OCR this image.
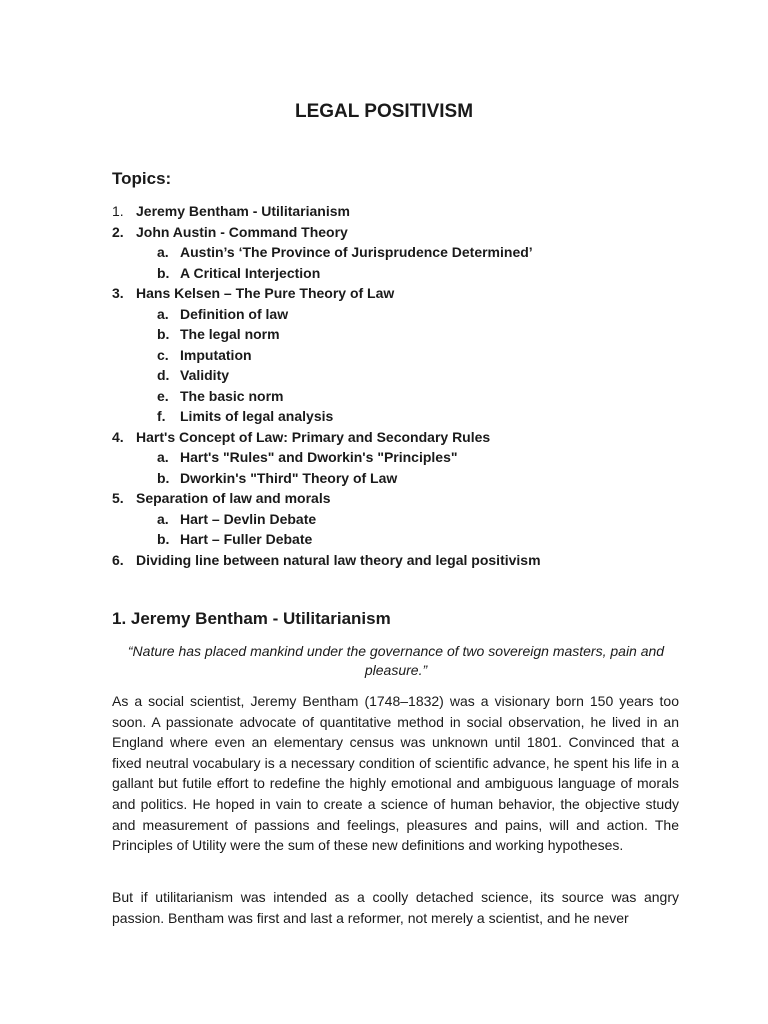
LEGAL POSITIVISM
Topics:
1. Jeremy Bentham - Utilitarianism
2. John Austin - Command Theory
a. Austin’s ‘The Province of Jurisprudence Determined’
b. A Critical Interjection
3. Hans Kelsen – The Pure Theory of Law
a. Definition of law
b. The legal norm
c. Imputation
d. Validity
e. The basic norm
f. Limits of legal analysis
4. Hart's Concept of Law: Primary and Secondary Rules
a. Hart's "Rules" and Dworkin's "Principles"
b. Dworkin's "Third" Theory of Law
5. Separation of law and morals
a. Hart – Devlin Debate
b. Hart – Fuller Debate
6. Dividing line between natural law theory and legal positivism
1. Jeremy Bentham - Utilitarianism
“Nature has placed mankind under the governance of two sovereign masters, pain and pleasure.”

As a social scientist, Jeremy Bentham (1748–1832) was a visionary born 150 years too soon. A passionate advocate of quantitative method in social observation, he lived in an England where even an elementary census was unknown until 1801. Convinced that a fixed neutral vocabulary is a necessary condition of scientific advance, he spent his life in a gallant but futile effort to redefine the highly emotional and ambiguous language of morals and politics. He hoped in vain to create a science of human behavior, the objective study and measurement of passions and feelings, pleasures and pains, will and action. The Principles of Utility were the sum of these new definitions and working hypotheses.

But if utilitarianism was intended as a coolly detached science, its source was angry passion. Bentham was first and last a reformer, not merely a scientist, and he never
